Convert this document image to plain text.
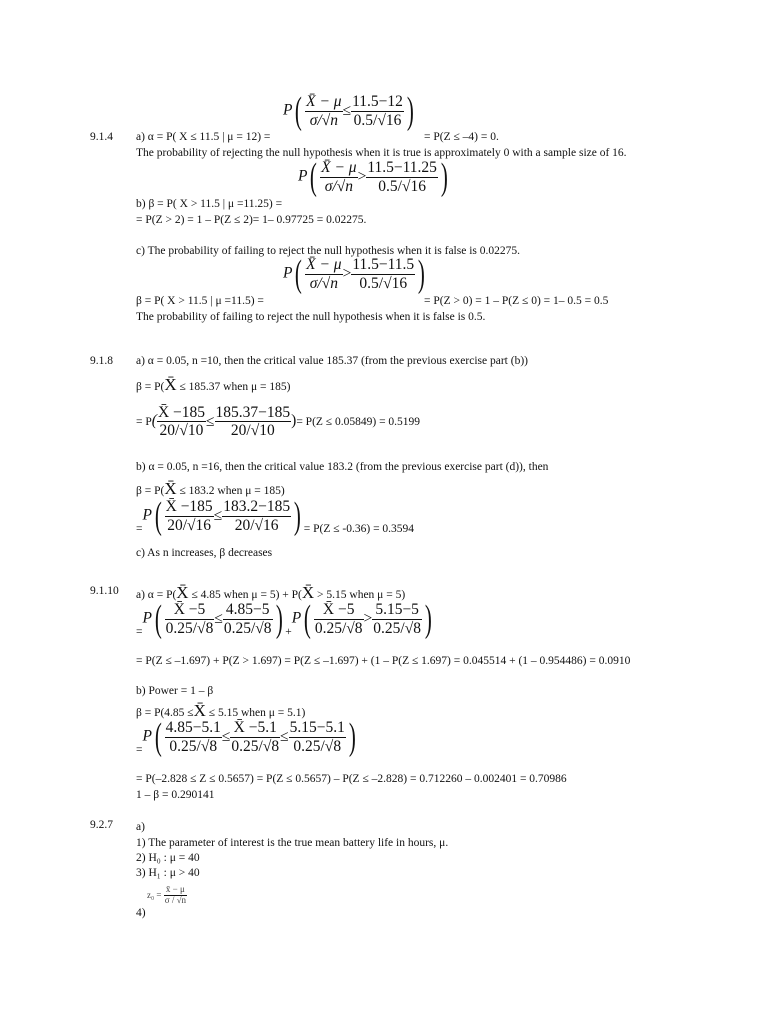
$P( \frac{X̄ - \mu}{\sigma/√n} \le \frac{11.5-12}{0.5/√16}$ )
9.1.4 a) α = P( X ≤ 11.5 | μ = 12) =	= P(Z ≤ –4) = 0.
The probability of rejecting the null hypothesis when it is true is approximately 0 with a sample size of 16.
$P( \frac{X̄ - \mu}{\sigma/√n} > \frac{11.5-11.25}{0.5/√16}$ )
b) β = P( X > 11.5 | μ =11.25) =
= P(Z > 2) = 1 – P(Z ≤ 2)= 1– 0.97725 = 0.02275.
c) The probability of failing to reject the null hypothesis when it is false is 0.02275.
$P( \frac{X̄ - \mu}{\sigma/√n} > \frac{11.5-11.5}{0.5/√16}$ )
β = P( X > 11.5 | μ =11.5) =	= P(Z > 0) = 1 – P(Z ≤ 0) = 1– 0.5 = 0.5
The probability of failing to reject the null hypothesis when it is false is 0.5.
9.1.8 a) α = 0.05, n =10, then the critical value 185.37 (from the previous exercise part (b))
β = P(X̄ ≤ 185.37 when μ = 185)
= $P( \frac{X̄ -185}{20/√10} \le \frac{185.37-185}{20/√10}$ )= P(Z ≤ 0.05849) = 0.5199
b) α = 0.05, n =16, then the critical value 183.2 (from the previous exercise part (d)), then
β = P(X̄ ≤ 183.2 when μ = 185)
$=P( \frac{X̄ -185}{20/√16} \le \frac{183.2-185}{20/√16}$ ) = P(Z ≤ -0.36) = 0.3594
c) As n increases, β decreases
9.1.10 a) α = P(X̄ ≤ 4.85 when μ = 5) + P(X̄ > 5.15 when μ = 5)
$=P( \frac{X̄ -5}{0.25/√8} \le \frac{4.85-5}{0.25/√8}$ ) $+P( \frac{X̄ -5}{0.25/√8} > \frac{5.15-5}{0.25/√8}$ )
= P(Z ≤ –1.697) + P(Z > 1.697) = P(Z ≤ –1.697) + (1 – P(Z ≤ 1.697) = 0.045514 + (1 – 0.954486) = 0.0910
b) Power = 1 – β
β = P(4.85 ≤X̄ ≤ 5.15 when μ = 5.1)
$=P( \frac{4.85-5.1}{0.25/√8} \le \frac{X̄ -5.1}{0.25/√8} \le \frac{5.15-5.1}{0.25/√8}$ )
= P(–2.828 ≤ Z ≤ 0.5657) = P(Z ≤ 0.5657) – P(Z ≤ –2.828) = 0.712260 – 0.002401 = 0.70986
1 – β = 0.290141
9.2.7 a)
1) The parameter of interest is the true mean battery life in hours, μ.
2) H₀ : μ = 40
3) H₁ : μ > 40
$z_0 = \frac{x̄ - \mu}{\sigma / √n}$
4)
